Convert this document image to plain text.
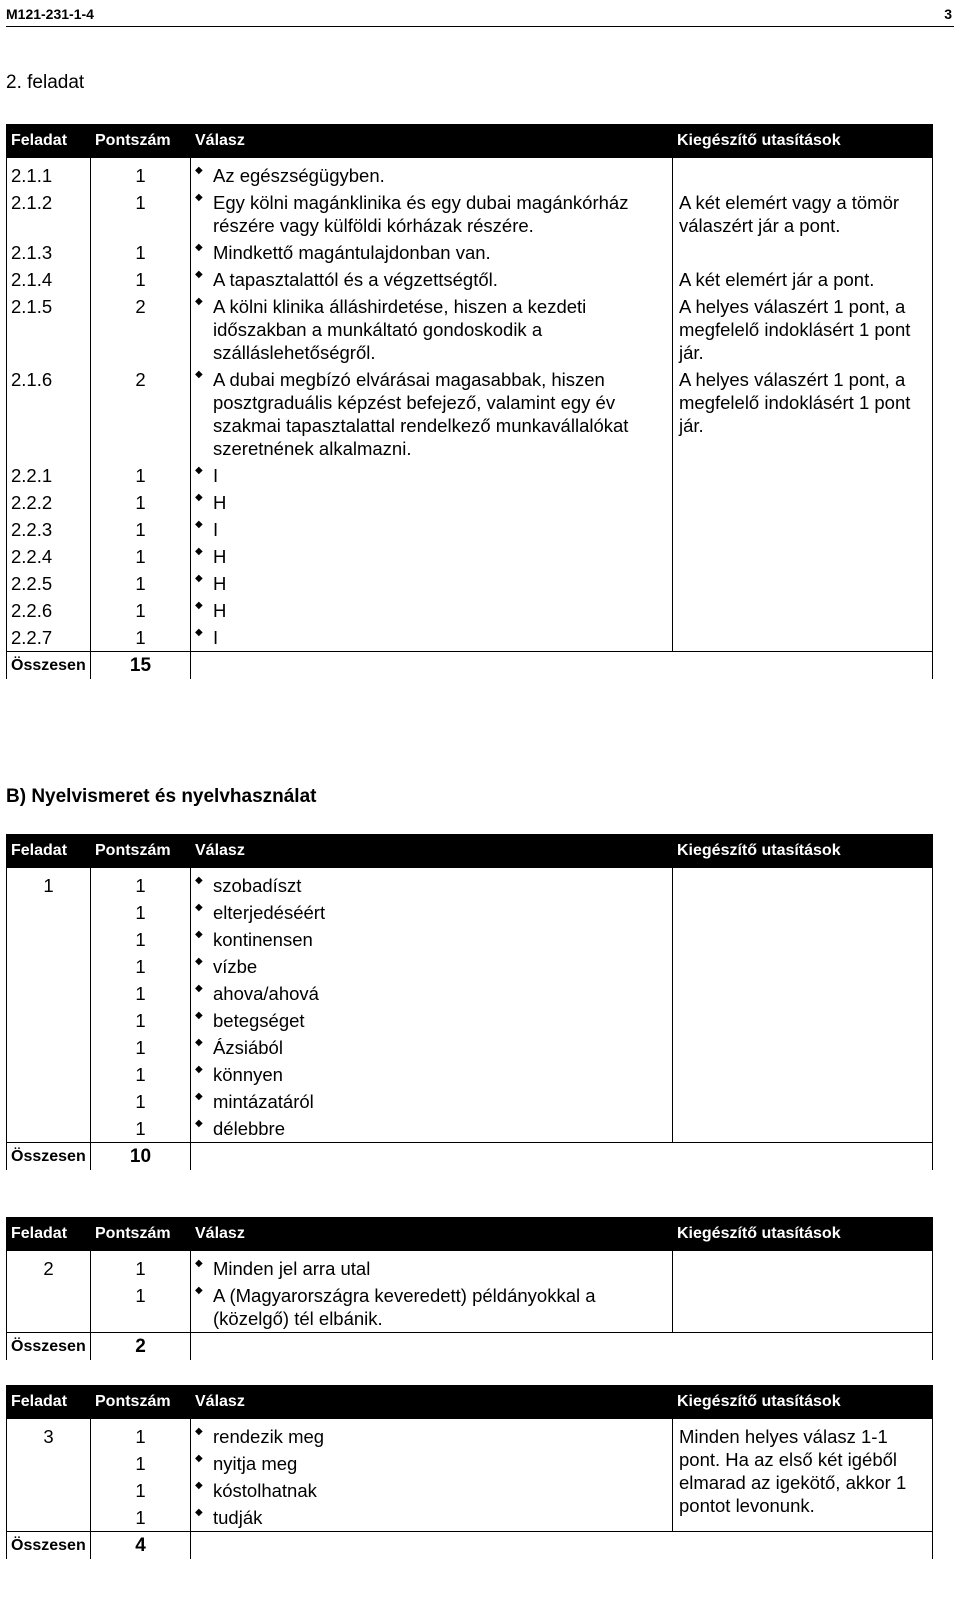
M121-231-1-4	3
2. feladat
Feladat	Pontszám	Válasz	Kiegészítő utasítások
2.1.1	1	◆ Az egészségügyben.	
2.1.2	1	◆ Egy kölni magánklinika és egy dubai magánkórház részére vagy külföldi kórházak részére.	A két elemért vagy a tömör válaszért jár a pont.
2.1.3	1	◆ Mindkettő magántulajdonban van.	
2.1.4	1	◆ A tapasztalattól és a végzettségtől.	A két elemért jár a pont.
2.1.5	2	◆ A kölni klinika álláshirdetése, hiszen a kezdeti időszakban a munkáltató gondoskodik a szálláslehetőségről.	A helyes válaszért 1 pont, a megfelelő indoklásért 1 pont jár.
2.1.6	2	◆ A dubai megbízó elvárásai magasabbak, hiszen posztgraduális képzést befejező, valamint egy év szakmai tapasztalattal rendelkező munkavállalókat szeretnének alkalmazni.	A helyes válaszért 1 pont, a megfelelő indoklásért 1 pont jár.
2.2.1	1	◆ I	
2.2.2	1	◆ H	
2.2.3	1	◆ I	
2.2.4	1	◆ H	
2.2.5	1	◆ H	
2.2.6	1	◆ H	
2.2.7	1	◆ I	
Összesen	15		
B) Nyelvismeret és nyelvhasználat
Feladat	Pontszám	Válasz	Kiegészítő utasítások
1	1	◆ szobadíszt	
	1	◆ elterjedéséért	
	1	◆ kontinensen	
	1	◆ vízbe	
	1	◆ ahova/ahová	
	1	◆ betegséget	
	1	◆ Ázsiából	
	1	◆ könnyen	
	1	◆ mintázatáról	
	1	◆ délebbre	
Összesen	10		
Feladat	Pontszám	Válasz	Kiegészítő utasítások
2	1	◆ Minden jel arra utal	
	1	◆ A (Magyarországra keveredett) példányokkal a (közelgő) tél elbánik.	
Összesen	2		
Feladat	Pontszám	Válasz	Kiegészítő utasítások
3	1	◆ rendezik meg	Minden helyes válasz 1-1 pont. Ha az első két igéből elmarad az igekötő, akkor 1 pontot levonunk.
	1	◆ nyitja meg	
	1	◆ kóstolhatnak	
	1	◆ tudják	
Összesen	4		
